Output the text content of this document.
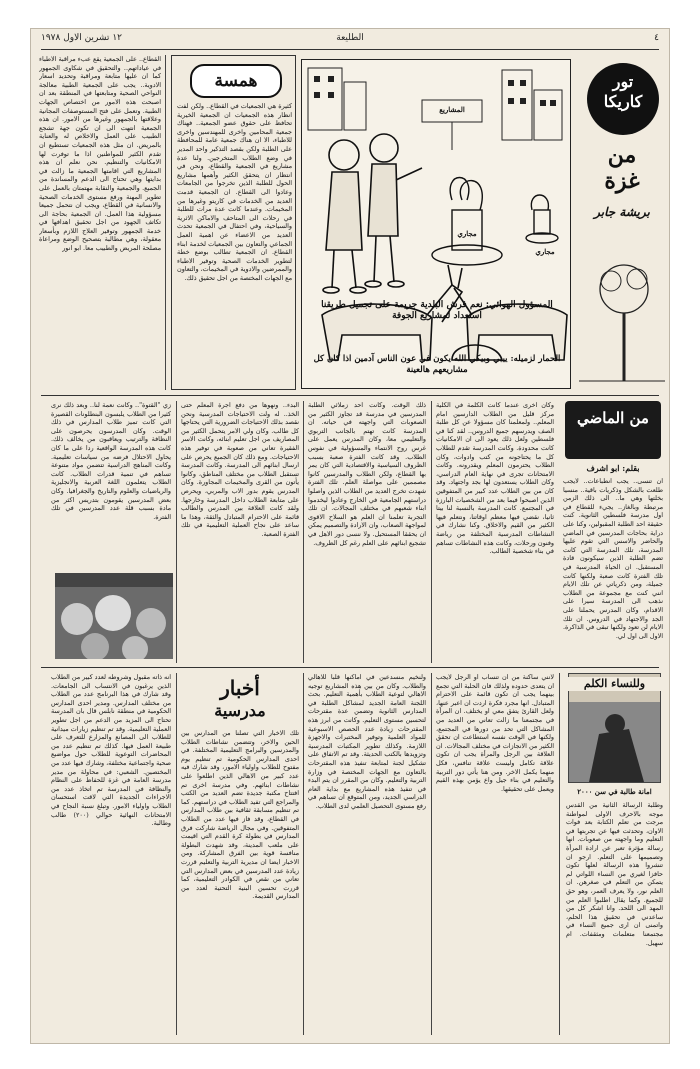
٤
الطليعة
١٢ تشرين الاول ١٩٧٨

القطاع.. على الجمعية يقع عبء مراقبة الاطباء في عياداتهم.. والتحقيق في شكاوى الجمهور كما ان عليها متابعة ومراقبة وتحديد اسعار الادوية.. يجب على الجمعية الطبية معالجة النواحي الصحية ومتابعتها في المنطقة بعد ان اصبحت هذه الامور من اختصاص الجهات الطبية. وتعمل على فتح المستوصفات المجانية وعلاقتها بالجمهور وغيرها من الامور. ان هذه الجمعية انتهت الى ان تكون جهة تشجع الطبيب على العمل والاخلاص له والعناية بالمريض. ان مثل هذه الجمعيات تستطيع ان تقدم الكثير للمواطنين اذا ما توفرت لها الامكانيات والتنظيم. نحن نعلم ان هذه المشاريع التي اقامتها الجمعية ما زالت في بدايتها وهي تحتاج الى الدعم والمساندة من الجميع. والجمعية والنقابة مهتمتان بالعمل على تطوير المهنة ورفع مستوى الخدمات الصحية والانسانية في القطاع، ويجب ان نتحمل جميعا مسؤولية هذا العمل. ان الجمعية بحاجة الى تكاتف الجهود من اجل تحقيق اهدافها في خدمة الجمهور وتوفير العلاج اللازم وبأسعار معقولة، وهي مطالبة بتصحيح الوضع ومراعاة مصلحة المريض والطبيب معا. ابو انور

همسة

كثيرة هي الجمعيات في القطاع.. ولكن لفت انظار هذه الجمعيات ان الجمعية الخيرية تحافظ على حقوق عضو الجمعية.. فهناك جمعية المحامين واخرى للمهندسين واخرى للاطباء، الا ان هناك جمعية عامة للمحافظة على الطلبة ولكن بقصد التذكير واحد المدير في وضع الطلاب المتخرجين. ولنا عدة مشاريع في الجمعية والقطاع، ونحن في انتظار ان يتحقق الكثير وأهمها مشاريع الحول للطلبة الذين تخرجوا من الجامعات وعادوا الى القطاع. ان الجمعية قدمت العديد من الخدمات في كاريتو وغيرها من المخيمات. وعندما كانت عدة مرات للطلبة في رحلات الى المتاحف والاماكن الاثرية والسياحية، وفي احتفال في الجمعية تحدث العديد من الاعضاء عن اهمية العمل الجماعي والتعاون بين الجمعيات لخدمة ابناء القطاع. ان الجمعية تطالب بوضع خطة لتطوير الخدمات الصحية وتوفير الاطباء والممرضين والادوية في المخيمات، والتعاون مع الجهات المختصة من اجل تحقيق ذلك.

المسؤول الهوائي: نعم فرش البلدية جريمة على تجميل طريقنا استعداد لمشاريع الجوفة
الحمار لزميله: ييبي وبيكي الله يكون في عون الناس آدمين اذا كان كل مشاريعهم هالعينة
مجاري
مجاري
المشاريع
تور
كاريكا
من
غزة
بريشة جابر

زي "القتوة".. وكانت نعمة لنا.. وبعد ذلك نرى كثيرا من الطلاب يلبسون البنطلونات القصيرة التي كانت تميز طلاب المدارس في ذلك الوقت. وكان المدرسون يحرصون على النظافة والترتيب ويعاقبون من يخالف ذلك. كانت هذه المدرسة الواقعية ردا على ما كان يحاول الاحتلال فرضه من سياسات تعليمية. وكانت المناهج الدراسية تتضمن مواد متنوعة تساهم في تنمية قدرات الطلاب. كانت الطلاب يتعلمون اللغة العربية والانجليزية والرياضيات والعلوم والتاريخ والجغرافيا. وكان بعض المدرسين يقومون بتدريس اكثر من مادة بسبب قلة عدد المدرسين في تلك الفترة.

البدء.. ونهوها من دفع اجرة المعلم حتى الخذ.. له ولت الاحتياجات المدرسية ونحن نقصد بذلك الاحتياجات الضرورية التي يحتاجها كل طالب. وكان ولي الامر يتحمل الكثير من المصاريف من اجل تعليم ابنائه، وكانت الاسر الفقيرة تعاني من صعوبة في توفير هذه الاحتياجات. ومع ذلك كان الجميع يحرص على ارسال ابنائهم الى المدرسة. وكانت المدرسة تستقبل الطلاب من مختلف المناطق، وكانوا يأتون من القرى والمخيمات المجاورة. وكان المدرس يقوم بدور الاب والمربي، ويحرص على متابعة الطلاب داخل المدرسة وخارجها. ولقد كانت العلاقة بين المدرس والطالب قائمة على الاحترام المتبادل والثقة، وهذا ما ساعد على نجاح العملية التعليمية في تلك الفترة الصعبة.

ذلك الوقت. وكانت احد زملائي الطلبة المدرسين في مدرسة قد تجاوز الكثير من الصعوبات التي واجهته في حياته. ان المدرسة كانت تهتم بالجانب التربوي والتعليمي معا، وكان المدرس يعمل على غرس روح الانتماء والمسؤولية في نفوس الطلاب. وقد كانت الفترة صعبة بسبب الظروف السياسية والاقتصادية التي كان يمر بها القطاع، ولكن الطلاب والمدرسين كانوا مصممين على مواصلة العلم. تلك الفترة شهدت تخرج العديد من الطلاب الذين واصلوا دراستهم الجامعية في الخارج وعادوا ليخدموا ابناء شعبهم في مختلف المجالات. ان تلك التجربة تعلمنا ان العلم هو السلاح الاقوى لمواجهة الصعاب، وان الارادة والتصميم يمكن ان يحققا المستحيل. ولا ننسى دور الاهل في تشجيع ابنائهم على العلم رغم كل الظروف.

وكان اخرى عندما كانت الكلمة في الكلية مركز قليل من الطلاب الدارسين امام المعلم.. ولمعلمنا كان مسؤولا عن كل طلبة الصف ويدرسهم جميع الدروس.. لقد كنا في فلسطين ولعل ذلك يعود الى ان الامكانيات كانت محدودة. وكانت المدرسة تقدم للطلاب كل ما يحتاجونه من كتب وادوات، وكان الطلاب يحترمون المعلم ويقدرونه. وكانت الامتحانات تجرى في نهاية العام الدراسي، وكان الطلاب يستعدون لها بجد واجتهاد. وقد كان من بين الطلاب عدد كبير من المتفوقين الذين اصبحوا فيما بعد من الشخصيات البارزة في المجتمع. كانت المدرسة بالنسبة لنا بيتا ثانيا، نقضي فيها معظم اوقاتنا، ونتعلم فيها الكثير من القيم والاخلاق. وكنا نشارك في النشاطات المدرسية المختلفة من رياضة وفنون ورحلات، وكانت هذه النشاطات تساهم في بناء شخصية الطالب.

من الماضي
بقلم: ابو اشرف

ان تنسى.. يجب انطباعات.. لايجب طلعت بالشكل وذكريات باقية.. منسيا بخلتها وهي ما.. الى ذلك الزمن مرتبطة وبالغاز.. يجيء للقطاع في اول مدرسة فلسطين الثانوية. كنت حقيقة احد الطلبة المقبولين، وكنا على دراية بحاجات المدرسين في الماضي والحاضر والاسس التي تقوم عليها المدرسة، تلك المدرسة التي كانت تضم الطلبة الذين سيكونون قادة المستقبل. ان الحياة المدرسية في تلك الفترة كانت صعبة ولكنها كانت جميلة، ومن ذكرياتي عن تلك الايام انني كنت مع مجموعة من الطلاب نذهب الى المدرسة سيرا على الاقدام، وكان المدرس يحملنا على الجد والاجتهاد في الدروس. ان تلك الايام لن تعود ولكنها تبقى في الذاكرة. الاول الى اول لي.

انه ذاته مقبول وشروطه لعدد كبير من الطلاب الذين يرغبون في الانتساب الى الجامعات. وقد شارك في هذا البرنامج عدد من الطلاب من مختلف المدارس. ومدير احدى المدارس الحكومية في منطقة نابلس قال بان المدرسة تحتاج الى المزيد من الدعم من اجل تطوير العملية التعليمية. وقد تم تنظيم زيارات ميدانية للطلاب الى المصانع والمزارع للتعرف على طبيعة العمل فيها. كذلك تم تنظيم عدد من المحاضرات التوعوية للطلاب حول مواضيع صحية واجتماعية مختلفة، وشارك فيها عدد من المختصين. الشعبي: في محاولة من مدير مدرسة العامة في غزة للحفاظ على النظام والنظافة في المدرسة تم اتخاذ عدد من الاجراءات الجديدة التي لاقت استحسان الطلاب واولياء الامور. وتبلغ نسبة النجاح في الامتحانات النهائية حوالي (٢٠٠) طالب وطالبة.

أخبار
مدرسية

تلك الاخبار التي تصلنا من المدارس بين الحين والاخر، وتتضمن نشاطات الطلاب والمدرسين والبرامج التعليمية المختلفة. في احدى المدارس الحكومية تم تنظيم يوم مفتوح للطلاب واولياء الامور، وقد شارك فيه عدد كبير من الاهالي الذين اطلعوا على نشاطات ابنائهم. وفي مدرسة اخرى تم افتتاح مكتبة جديدة تضم العديد من الكتب والمراجع التي تفيد الطلاب في دراستهم. كما تم تنظيم مسابقة ثقافية بين طلاب المدارس في القطاع، وقد فاز فيها عدد من الطلاب المتفوقين. وفي مجال الرياضة شاركت فرق المدارس في بطولة كرة القدم التي اقيمت على ملعب المدينة، وقد شهدت البطولة منافسة قوية بين الفرق المشاركة. ومن الاخبار ايضا ان مديرية التربية والتعليم قررت زيادة عدد المدرسين في بعض المدارس التي تعاني من نقص في الكوادر التعليمية، كما قررت تحسين البنية التحتية لعدد من المدارس القديمة.

ولنخيم منسدعين في اماكنها قلبا للاهالي والطلاب. وكان من بين هذه المشاريع توجيه الاهالي لتوعية الطلاب بأهمية التعليم. بحث اللجنة العامة الجديد لمشاكل الطلبة في المدارس الثانوية وتضمن عدة مقترحات لتحسين مستوى التعليم. وكانت من ابرز هذه المقترحات زيادة عدد الحصص الاسبوعية للمواد العلمية وتوفير المختبرات والاجهزة اللازمة. وكذلك تطوير المكتبات المدرسية وتزويدها بالكتب الحديثة. وقد تم الاتفاق على تشكيل لجنة لمتابعة تنفيذ هذه المقترحات بالتعاون مع الجهات المختصة في وزارة التربية والتعليم. وكان من المقرر ان يتم البدء في تنفيذ هذه المشاريع مع بداية العام الدراسي الجديد، ومن المتوقع ان تساهم في رفع مستوى التحصيل العلمي لدى الطلاب.

لانني ساكنة من ان تنساب او الرجل لايجب ان يتعدى حدوده ولذلك فان الحلبة التي تجمع بينهما يجب ان تكون قائمة على الاحترام المتبادل. انها مجرد فكرة اردت ان اعبر عنها، ولعل القارئ يتفق معي او يختلف. ان المرأة في مجتمعنا ما زالت تعاني من العديد من المشاكل التي تحد من دورها في المجتمع، ولكنها في الوقت نفسه استطاعت ان تحقق الكثير من الانجازات في مختلف المجالات. ان العلاقة بين الرجل والمرأة يجب ان تكون علاقة تكامل وليست علاقة تنافس، فكل منهما يكمل الاخر. ومن هنا يأتي دور التربية والتعليم في بناء جيل واع يؤمن بهذه القيم ويعمل على تحقيقها.

وللنساء الكلم
امانة طالبة في سن ٢٠٠٠

وطلبة الرسالة الثانية من القدس موجه بالاحرف الاولى لمواطنة مرجت من تعلم الكتابة بعد فوات الاوان، وتحدثت فيها عن تجربتها في التعليم وما واجهته من صعوبات. انها رسالة مؤثرة تعبر عن ارادة المرأة وتصميمها على التعلم. ارجو ان تنشروا هذه الرسالة لعلها تكون حافزا لغيري من النساء اللواتي لم يتمكن من التعلم في صغرهن. ان العلم نور، ولا يعرف العمر، وهو حق للجميع. وكما يقال اطلبوا العلم من المهد الى اللحد. وانا اشكر كل من ساعدني في تحقيق هذا الحلم، واتمنى ان ارى جميع النساء في مجتمعنا متعلمات ومثقفات. ام سهيل.
